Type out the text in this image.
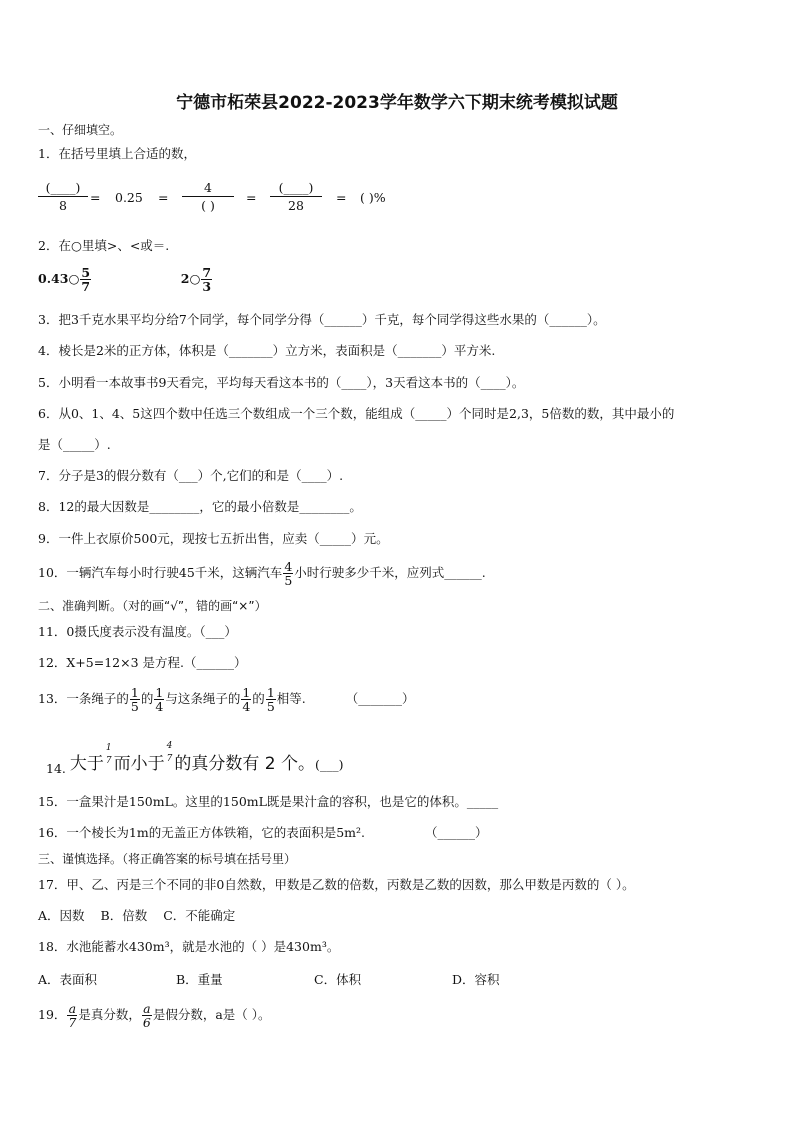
宁德市柘荣县2022-2023学年数学六下期末统考模拟试题
一、仔细填空。
1．在括号里填上合适的数，
(____)
8
= 0.25 =
4
( )
=
(____)
28
= ( )%
2．在○里填>、<或＝.
0.43○ $\frac{5}{7}$	2○ $\frac{7}{3}$
3．把3千克水果平均分给7个同学，每个同学分得（______）千克，每个同学得这些水果的（______）。
4．棱长是2米的正方体，体积是（_______）立方米，表面积是（_______）平方米.
5．小明看一本故事书9天看完，平均每天看这本书的（____），3天看这本书的（____）。
6．从0、1、4、5这四个数中任选三个数组成一个三个数，能组成（_____）个同时是2,3，5倍数的数，其中最小的
是（_____）.
7．分子是3的假分数有（___）个,它们的和是（____）.
8．12的最大因数是________，它的最小倍数是________。
9．一件上衣原价500元，现按七五折出售，应卖（_____）元。
10．一辆汽车每小时行驶45千米，这辆汽车 $\frac{4}{5}$ 小时行驶多少千米，应列式______.
二、准确判断。（对的画“√”，错的画“×”）
11．0摄氏度表示没有温度。（___）
12．X+5=12×3 是方程.（______）
13．一条绳子的 $\frac{1}{5}$ 的 $\frac{1}{4}$ 与这条绳子的 $\frac{1}{4}$ 的 $\frac{1}{5}$ 相等.	（_______）
14. 大于
1
7 而小于
4
7 的真分数有 2 个。(___)
15．一盒果汁是150mL。这里的150mL既是果汁盒的容积，也是它的体积。_____
16．一个棱长为1m的无盖正方体铁箱，它的表面积是5m².	（______）
三、谨慎选择。（将正确答案的标号填在括号里）
17．甲、乙、丙是三个不同的非0自然数，甲数是乙数的倍数，丙数是乙数的因数，那么甲数是丙数的（ ）。
A．因数 B．倍数 C．不能确定
18．水池能蓄水430m³，就是水池的（ ）是430m³。
A．表面积	B．重量	C．体积	D．容积
19． $\frac{a}{7}$ 是真分数， $\frac{a}{6}$ 是假分数，a是（ ）。
